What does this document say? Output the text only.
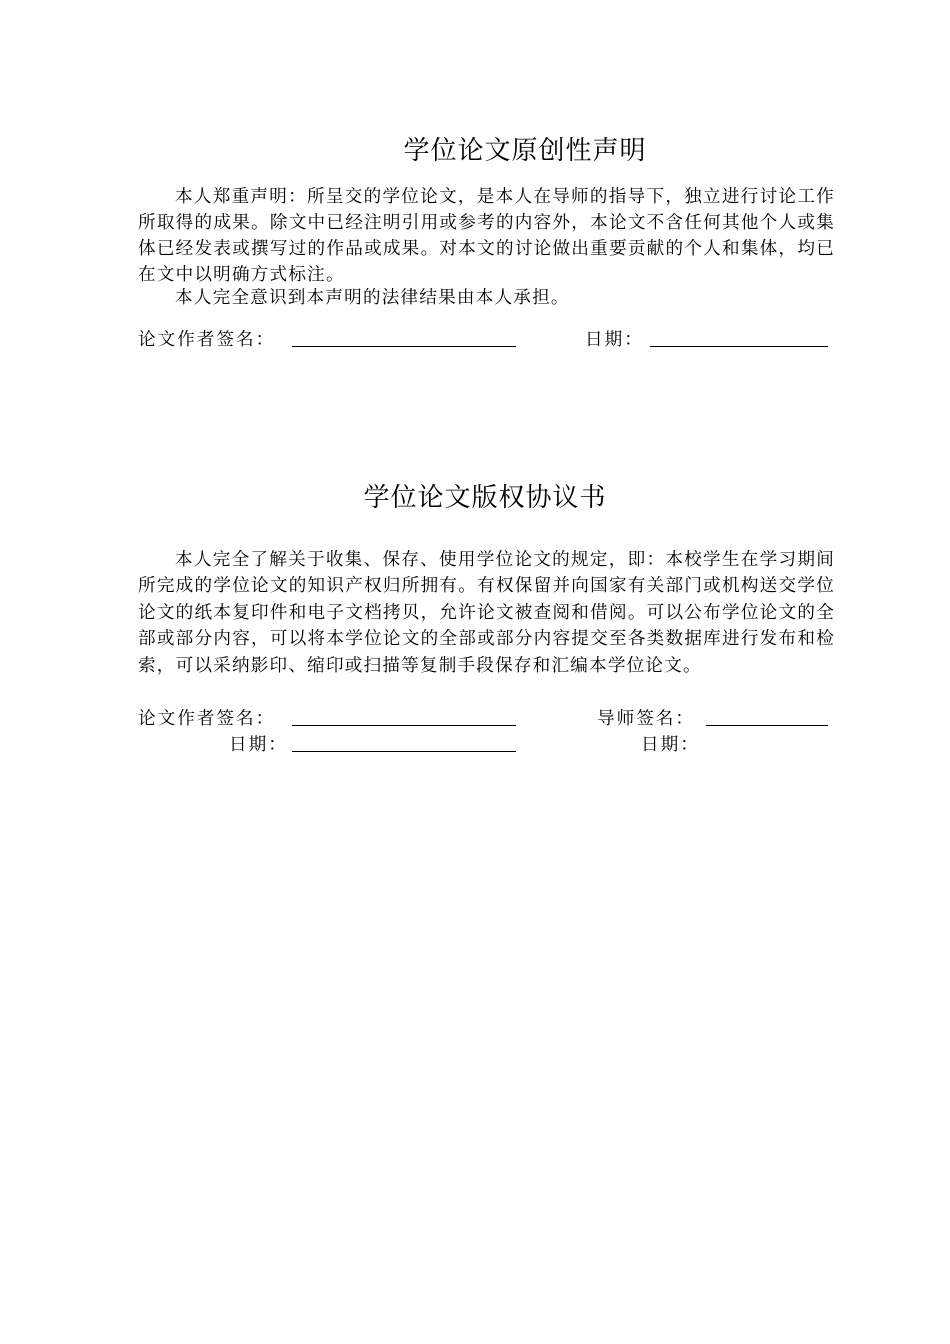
学位论文原创性声明

本人郑重声明：所呈交的学位论文，是本人在导师的指导下，独立进行讨论工作所取得的成果。除文中已经注明引用或参考的内容外，本论文不含任何其他个人或集体已经发表或撰写过的作品或成果。对本文的讨论做出重要贡献的个人和集体，均已在文中以明确方式标注。

本人完全意识到本声明的法律结果由本人承担。

论文作者签名：	日期：
学位论文版权协议书

本人完全了解关于收集、保存、使用学位论文的规定，即：本校学生在学习期间所完成的学位论文的知识产权归所拥有。有权保留并向国家有关部门或机构送交学位论文的纸本复印件和电子文档拷贝，允许论文被查阅和借阅。可以公布学位论文的全部或部分内容，可以将本学位论文的全部或部分内容提交至各类数据库进行发布和检索，可以采纳影印、缩印或扫描等复制手段保存和汇编本学位论文。

论文作者签名：	导师签名：
日期：	日期：
